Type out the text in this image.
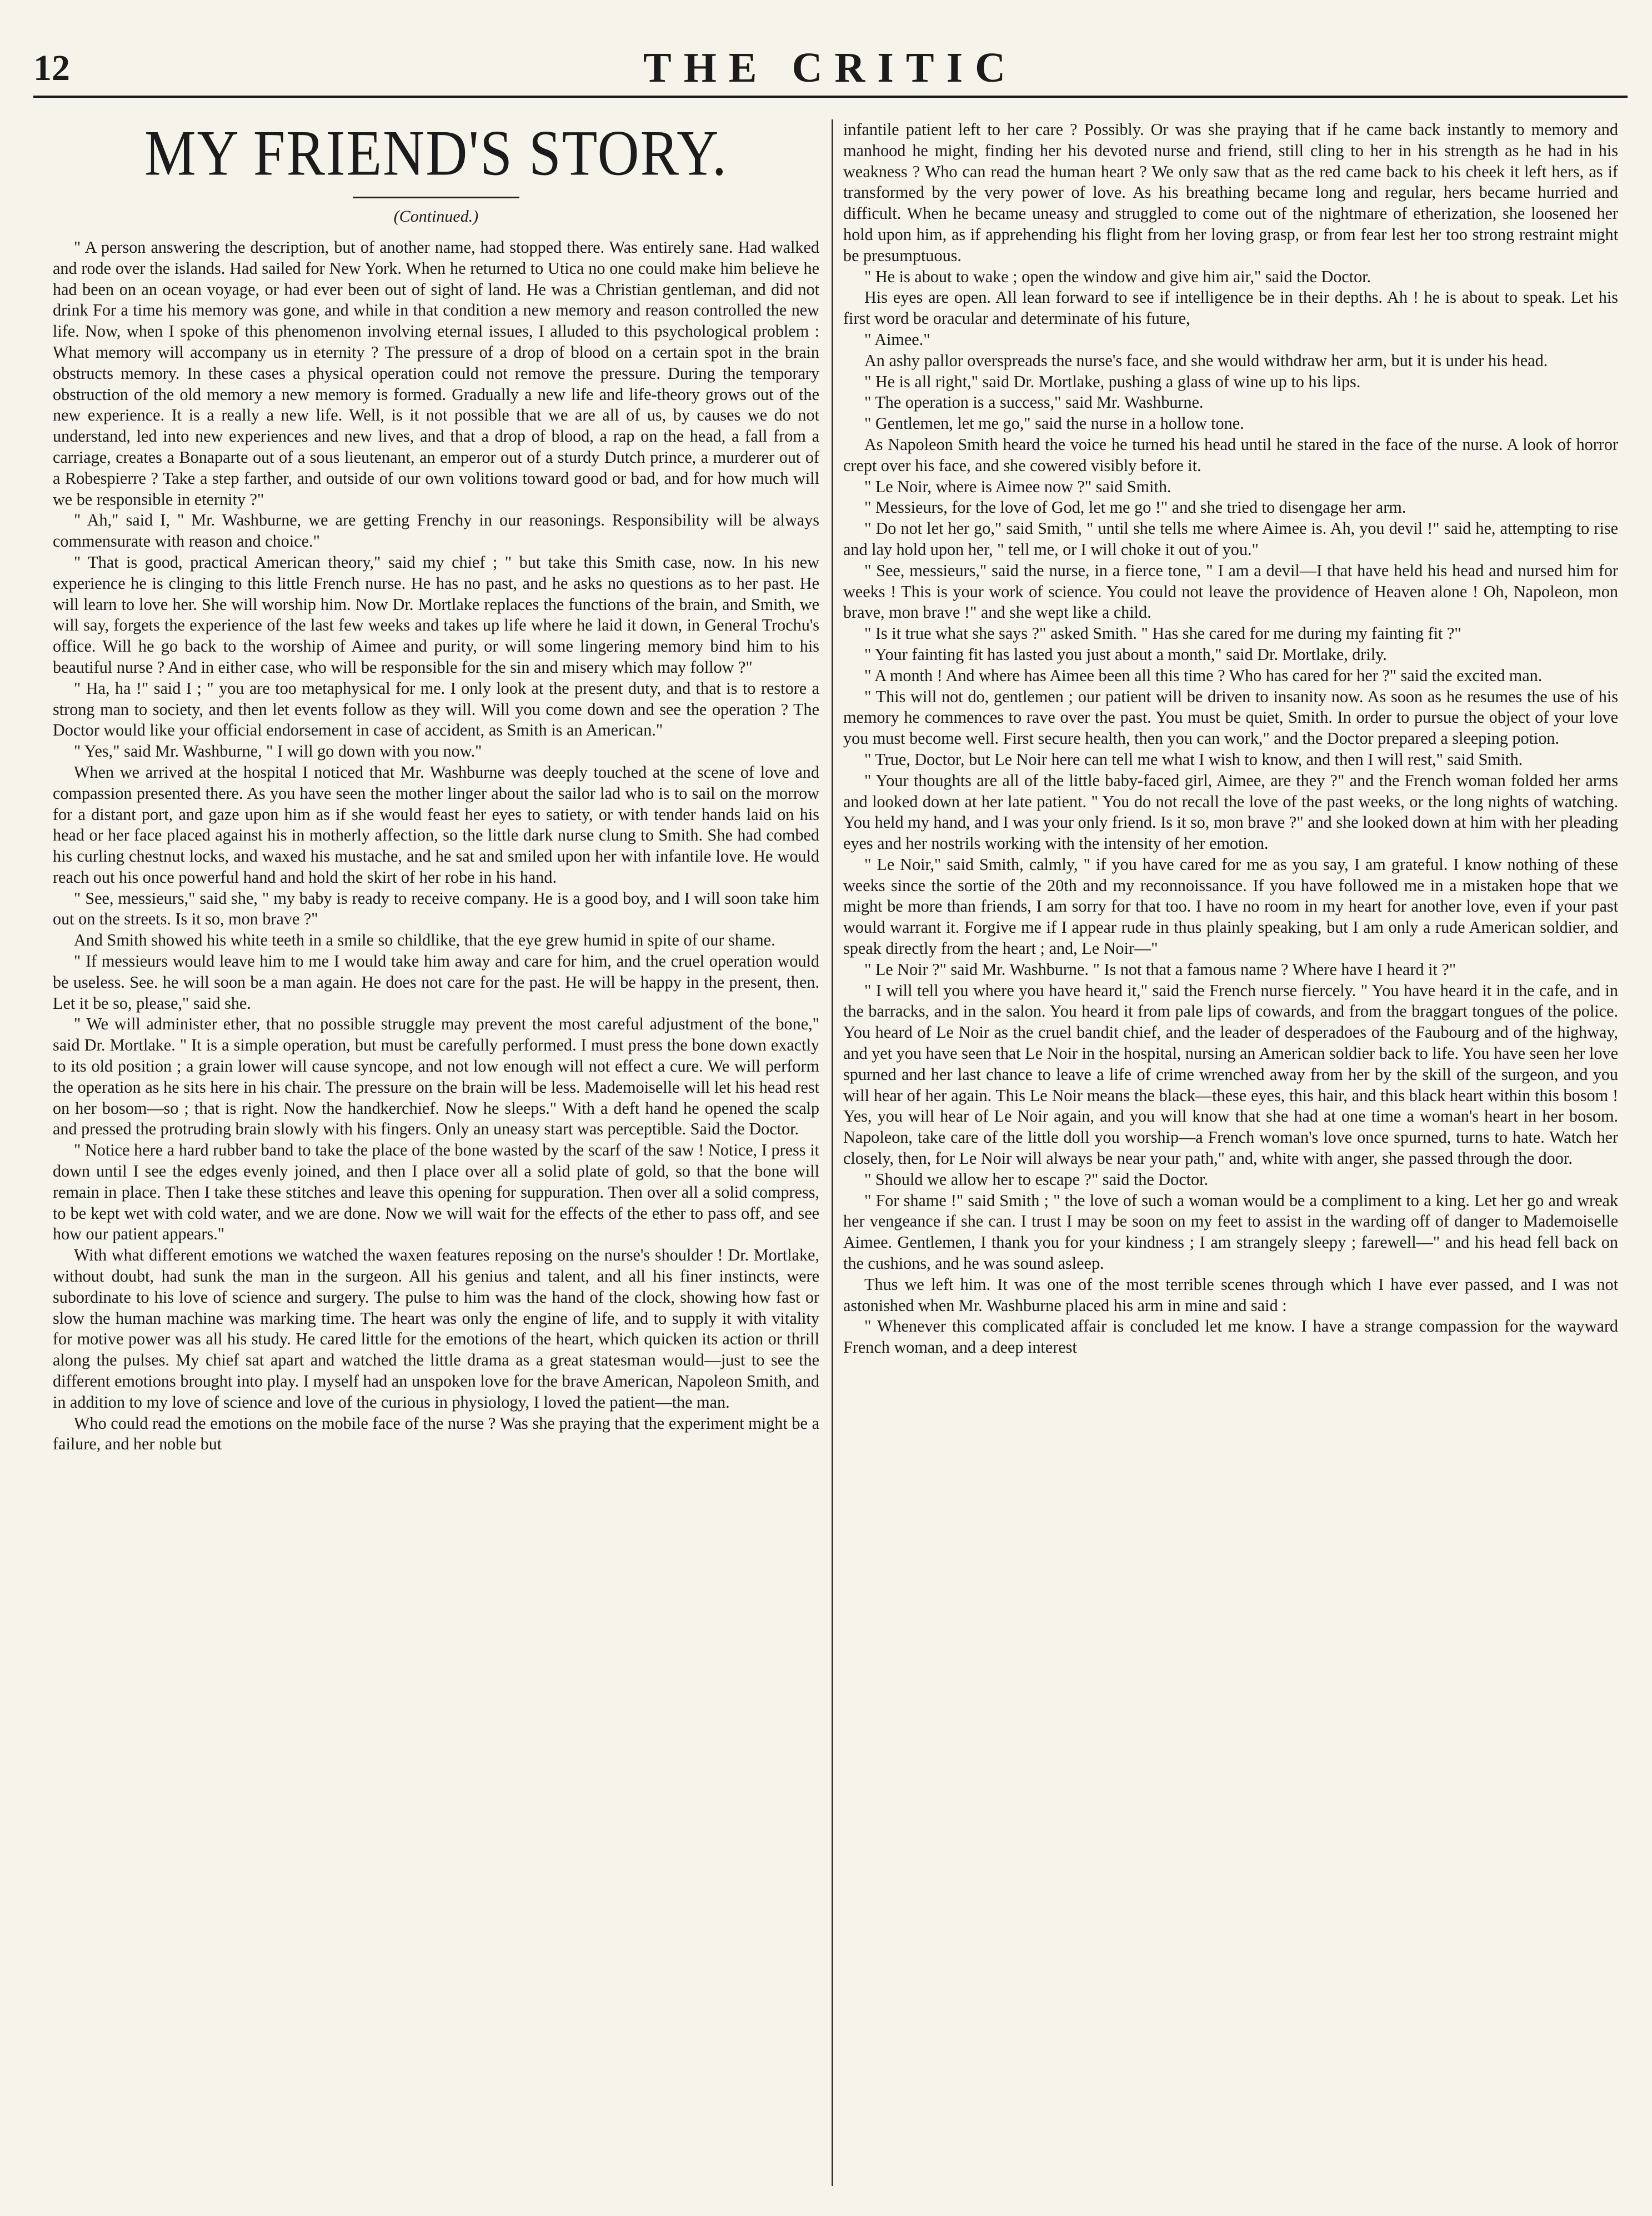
12	THE CRITIC
MY FRIEND'S STORY.

(Continued.)

" A person answering the description, but of another name, had stopped there. Was entirely sane. Had walked and rode over the islands. Had sailed for New York. When he returned to Utica no one could make him believe he had been on an ocean voyage, or had ever been out of sight of land. He was a Christian gentleman, and did not drink For a time his memory was gone, and while in that condition a new memory and reason controlled the new life. Now, when I spoke of this phenomenon involving eternal issues, I alluded to this psychological problem : What memory will accompany us in eternity ? The pressure of a drop of blood on a certain spot in the brain obstructs memory. In these cases a physical operation could not remove the pressure. During the temporary obstruction of the old memory a new memory is formed. Gradually a new life and life-theory grows out of the new experience. It is a really a new life. Well, is it not possible that we are all of us, by causes we do not understand, led into new experiences and new lives, and that a drop of blood, a rap on the head, a fall from a carriage, creates a Bonaparte out of a sous lieutenant, an emperor out of a sturdy Dutch prince, a murderer out of a Robespierre ? Take a step farther, and outside of our own volitions toward good or bad, and for how much will we be responsible in eternity ?"

" Ah," said I, " Mr. Washburne, we are getting Frenchy in our reasonings. Responsibility will be always commensurate with reason and choice."

" That is good, practical American theory," said my chief ; " but take this Smith case, now. In his new experience he is clinging to this little French nurse. He has no past, and he asks no questions as to her past. He will learn to love her. She will worship him. Now Dr. Mortlake replaces the functions of the brain, and Smith, we will say, forgets the experience of the last few weeks and takes up life where he laid it down, in General Trochu's office. Will he go back to the worship of Aimee and purity, or will some lingering memory bind him to his beautiful nurse ? And in either case, who will be responsible for the sin and misery which may follow ?"

" Ha, ha !" said I ; " you are too metaphysical for me. I only look at the present duty, and that is to restore a strong man to society, and then let events follow as they will. Will you come down and see the operation ? The Doctor would like your official endorsement in case of accident, as Smith is an American."

" Yes," said Mr. Washburne, " I will go down with you now."

When we arrived at the hospital I noticed that Mr. Washburne was deeply touched at the scene of love and compassion presented there. As you have seen the mother linger about the sailor lad who is to sail on the morrow for a distant port, and gaze upon him as if she would feast her eyes to satiety, or with tender hands laid on his head or her face placed against his in motherly affection, so the little dark nurse clung to Smith. She had combed his curling chestnut locks, and waxed his mustache, and he sat and smiled upon her with infantile love. He would reach out his once powerful hand and hold the skirt of her robe in his hand.

" See, messieurs," said she, " my baby is ready to receive company. He is a good boy, and I will soon take him out on the streets. Is it so, mon brave ?"

And Smith showed his white teeth in a smile so childlike, that the eye grew humid in spite of our shame.

" If messieurs would leave him to me I would take him away and care for him, and the cruel operation would be useless. See. he will soon be a man again. He does not care for the past. He will be happy in the present, then. Let it be so, please," said she.

" We will administer ether, that no possible struggle may prevent the most careful adjustment of the bone," said Dr. Mortlake. " It is a simple operation, but must be carefully performed. I must press the bone down exactly to its old position ; a grain lower will cause syncope, and not low enough will not effect a cure. We will perform the operation as he sits here in his chair. The pressure on the brain will be less. Mademoiselle will let his head rest on her bosom—so ; that is right. Now the handkerchief. Now he sleeps." With a deft hand he opened the scalp and pressed the protruding brain slowly with his fingers. Only an uneasy start was perceptible. Said the Doctor.

" Notice here a hard rubber band to take the place of the bone wasted by the scarf of the saw ! Notice, I press it down until I see the edges evenly joined, and then I place over all a solid plate of gold, so that the bone will remain in place. Then I take these stitches and leave this opening for suppuration. Then over all a solid compress, to be kept wet with cold water, and we are done. Now we will wait for the effects of the ether to pass off, and see how our patient appears."

With what different emotions we watched the waxen features reposing on the nurse's shoulder ! Dr. Mortlake, without doubt, had sunk the man in the surgeon. All his genius and talent, and all his finer instincts, were subordinate to his love of science and surgery. The pulse to him was the hand of the clock, showing how fast or slow the human machine was marking time. The heart was only the engine of life, and to supply it with vitality for motive power was all his study. He cared little for the emotions of the heart, which quicken its action or thrill along the pulses. My chief sat apart and watched the little drama as a great statesman would—just to see the different emotions brought into play. I myself had an unspoken love for the brave American, Napoleon Smith, and in addition to my love of science and love of the curious in physiology, I loved the patient—the man.

Who could read the emotions on the mobile face of the nurse ? Was she praying that the experiment might be a failure, and her noble but

infantile patient left to her care ? Possibly. Or was she praying that if he came back instantly to memory and manhood he might, finding her his devoted nurse and friend, still cling to her in his strength as he had in his weakness ? Who can read the human heart ? We only saw that as the red came back to his cheek it left hers, as if transformed by the very power of love. As his breathing became long and regular, hers became hurried and difficult. When he became uneasy and struggled to come out of the nightmare of etherization, she loosened her hold upon him, as if apprehending his flight from her loving grasp, or from fear lest her too strong restraint might be presumptuous.

" He is about to wake ; open the window and give him air," said the Doctor.

His eyes are open. All lean forward to see if intelligence be in their depths. Ah ! he is about to speak. Let his first word be oracular and determinate of his future,

" Aimee."

An ashy pallor overspreads the nurse's face, and she would withdraw her arm, but it is under his head.

" He is all right," said Dr. Mortlake, pushing a glass of wine up to his lips.

" The operation is a success," said Mr. Washburne.

" Gentlemen, let me go," said the nurse in a hollow tone.

As Napoleon Smith heard the voice he turned his head until he stared in the face of the nurse. A look of horror crept over his face, and she cowered visibly before it.

" Le Noir, where is Aimee now ?" said Smith.

" Messieurs, for the love of God, let me go !" and she tried to disengage her arm.

" Do not let her go," said Smith, " until she tells me where Aimee is. Ah, you devil !" said he, attempting to rise and lay hold upon her, " tell me, or I will choke it out of you."

" See, messieurs," said the nurse, in a fierce tone, " I am a devil—I that have held his head and nursed him for weeks ! This is your work of science. You could not leave the providence of Heaven alone ! Oh, Napoleon, mon brave, mon brave !" and she wept like a child.

" Is it true what she says ?" asked Smith. " Has she cared for me during my fainting fit ?"

" Your fainting fit has lasted you just about a month," said Dr. Mortlake, drily.

" A month ! And where has Aimee been all this time ? Who has cared for her ?" said the excited man.

" This will not do, gentlemen ; our patient will be driven to insanity now. As soon as he resumes the use of his memory he commences to rave over the past. You must be quiet, Smith. In order to pursue the object of your love you must become well. First secure health, then you can work," and the Doctor prepared a sleeping potion.

" True, Doctor, but Le Noir here can tell me what I wish to know, and then I will rest," said Smith.

" Your thoughts are all of the little baby-faced girl, Aimee, are they ?" and the French woman folded her arms and looked down at her late patient. " You do not recall the love of the past weeks, or the long nights of watching. You held my hand, and I was your only friend. Is it so, mon brave ?" and she looked down at him with her pleading eyes and her nostrils working with the intensity of her emotion.

" Le Noir," said Smith, calmly, " if you have cared for me as you say, I am grateful. I know nothing of these weeks since the sortie of the 20th and my reconnoissance. If you have followed me in a mistaken hope that we might be more than friends, I am sorry for that too. I have no room in my heart for another love, even if your past would warrant it. Forgive me if I appear rude in thus plainly speaking, but I am only a rude American soldier, and speak directly from the heart ; and, Le Noir—"

" Le Noir ?" said Mr. Washburne. " Is not that a famous name ? Where have I heard it ?"

" I will tell you where you have heard it," said the French nurse fiercely. " You have heard it in the cafe, and in the barracks, and in the salon. You heard it from pale lips of cowards, and from the braggart tongues of the police. You heard of Le Noir as the cruel bandit chief, and the leader of desperadoes of the Faubourg and of the highway, and yet you have seen that Le Noir in the hospital, nursing an American soldier back to life. You have seen her love spurned and her last chance to leave a life of crime wrenched away from her by the skill of the surgeon, and you will hear of her again. This Le Noir means the black—these eyes, this hair, and this black heart within this bosom ! Yes, you will hear of Le Noir again, and you will know that she had at one time a woman's heart in her bosom. Napoleon, take care of the little doll you worship—a French woman's love once spurned, turns to hate. Watch her closely, then, for Le Noir will always be near your path," and, white with anger, she passed through the door.

" Should we allow her to escape ?" said the Doctor.

" For shame !" said Smith ; " the love of such a woman would be a compliment to a king. Let her go and wreak her vengeance if she can. I trust I may be soon on my feet to assist in the warding off of danger to Mademoiselle Aimee. Gentlemen, I thank you for your kindness ; I am strangely sleepy ; farewell—" and his head fell back on the cushions, and he was sound asleep.

Thus we left him. It was one of the most terrible scenes through which I have ever passed, and I was not astonished when Mr. Washburne placed his arm in mine and said :

" Whenever this complicated affair is concluded let me know. I have a strange compassion for the wayward French woman, and a deep interest
